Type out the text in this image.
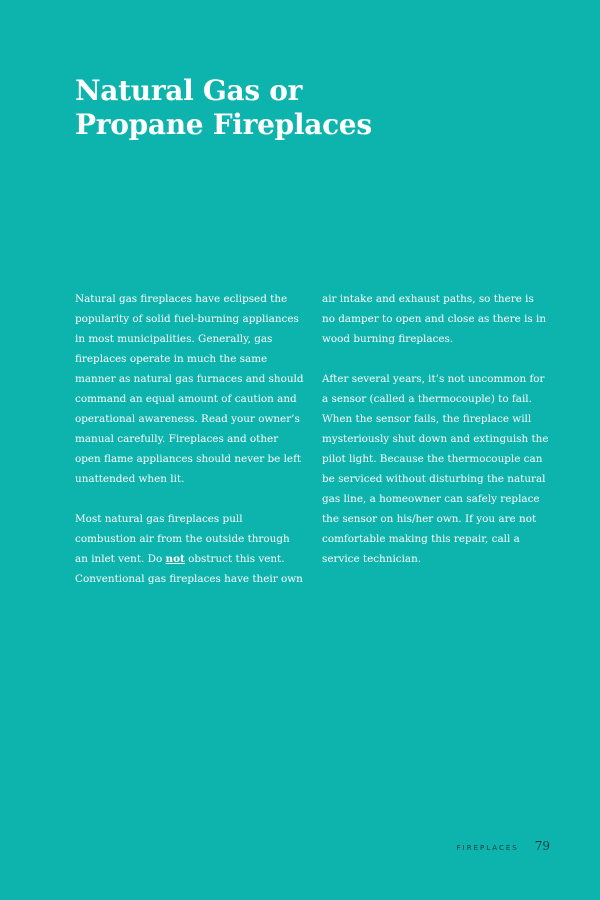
Natural Gas or
Propane Fireplaces

Natural gas fireplaces have eclipsed the
popularity of solid fuel-burning appliances
in most municipalities. Generally, gas
fireplaces operate in much the same
manner as natural gas furnaces and should
command an equal amount of caution and
operational awareness. Read your owner’s
manual carefully. Fireplaces and other
open flame appliances should never be left
unattended when lit.

Most natural gas fireplaces pull
combustion air from the outside through
an inlet vent. Do not obstruct this vent.
Conventional gas fireplaces have their own

air intake and exhaust paths, so there is
no damper to open and close as there is in
wood burning fireplaces.

After several years, it’s not uncommon for
a sensor (called a thermocouple) to fail.
When the sensor fails, the fireplace will
mysteriously shut down and extinguish the
pilot light. Because the thermocouple can
be serviced without disturbing the natural
gas line, a homeowner can safely replace
the sensor on his/her own. If you are not
comfortable making this repair, call a
service technician.

FIREPLACES 79
